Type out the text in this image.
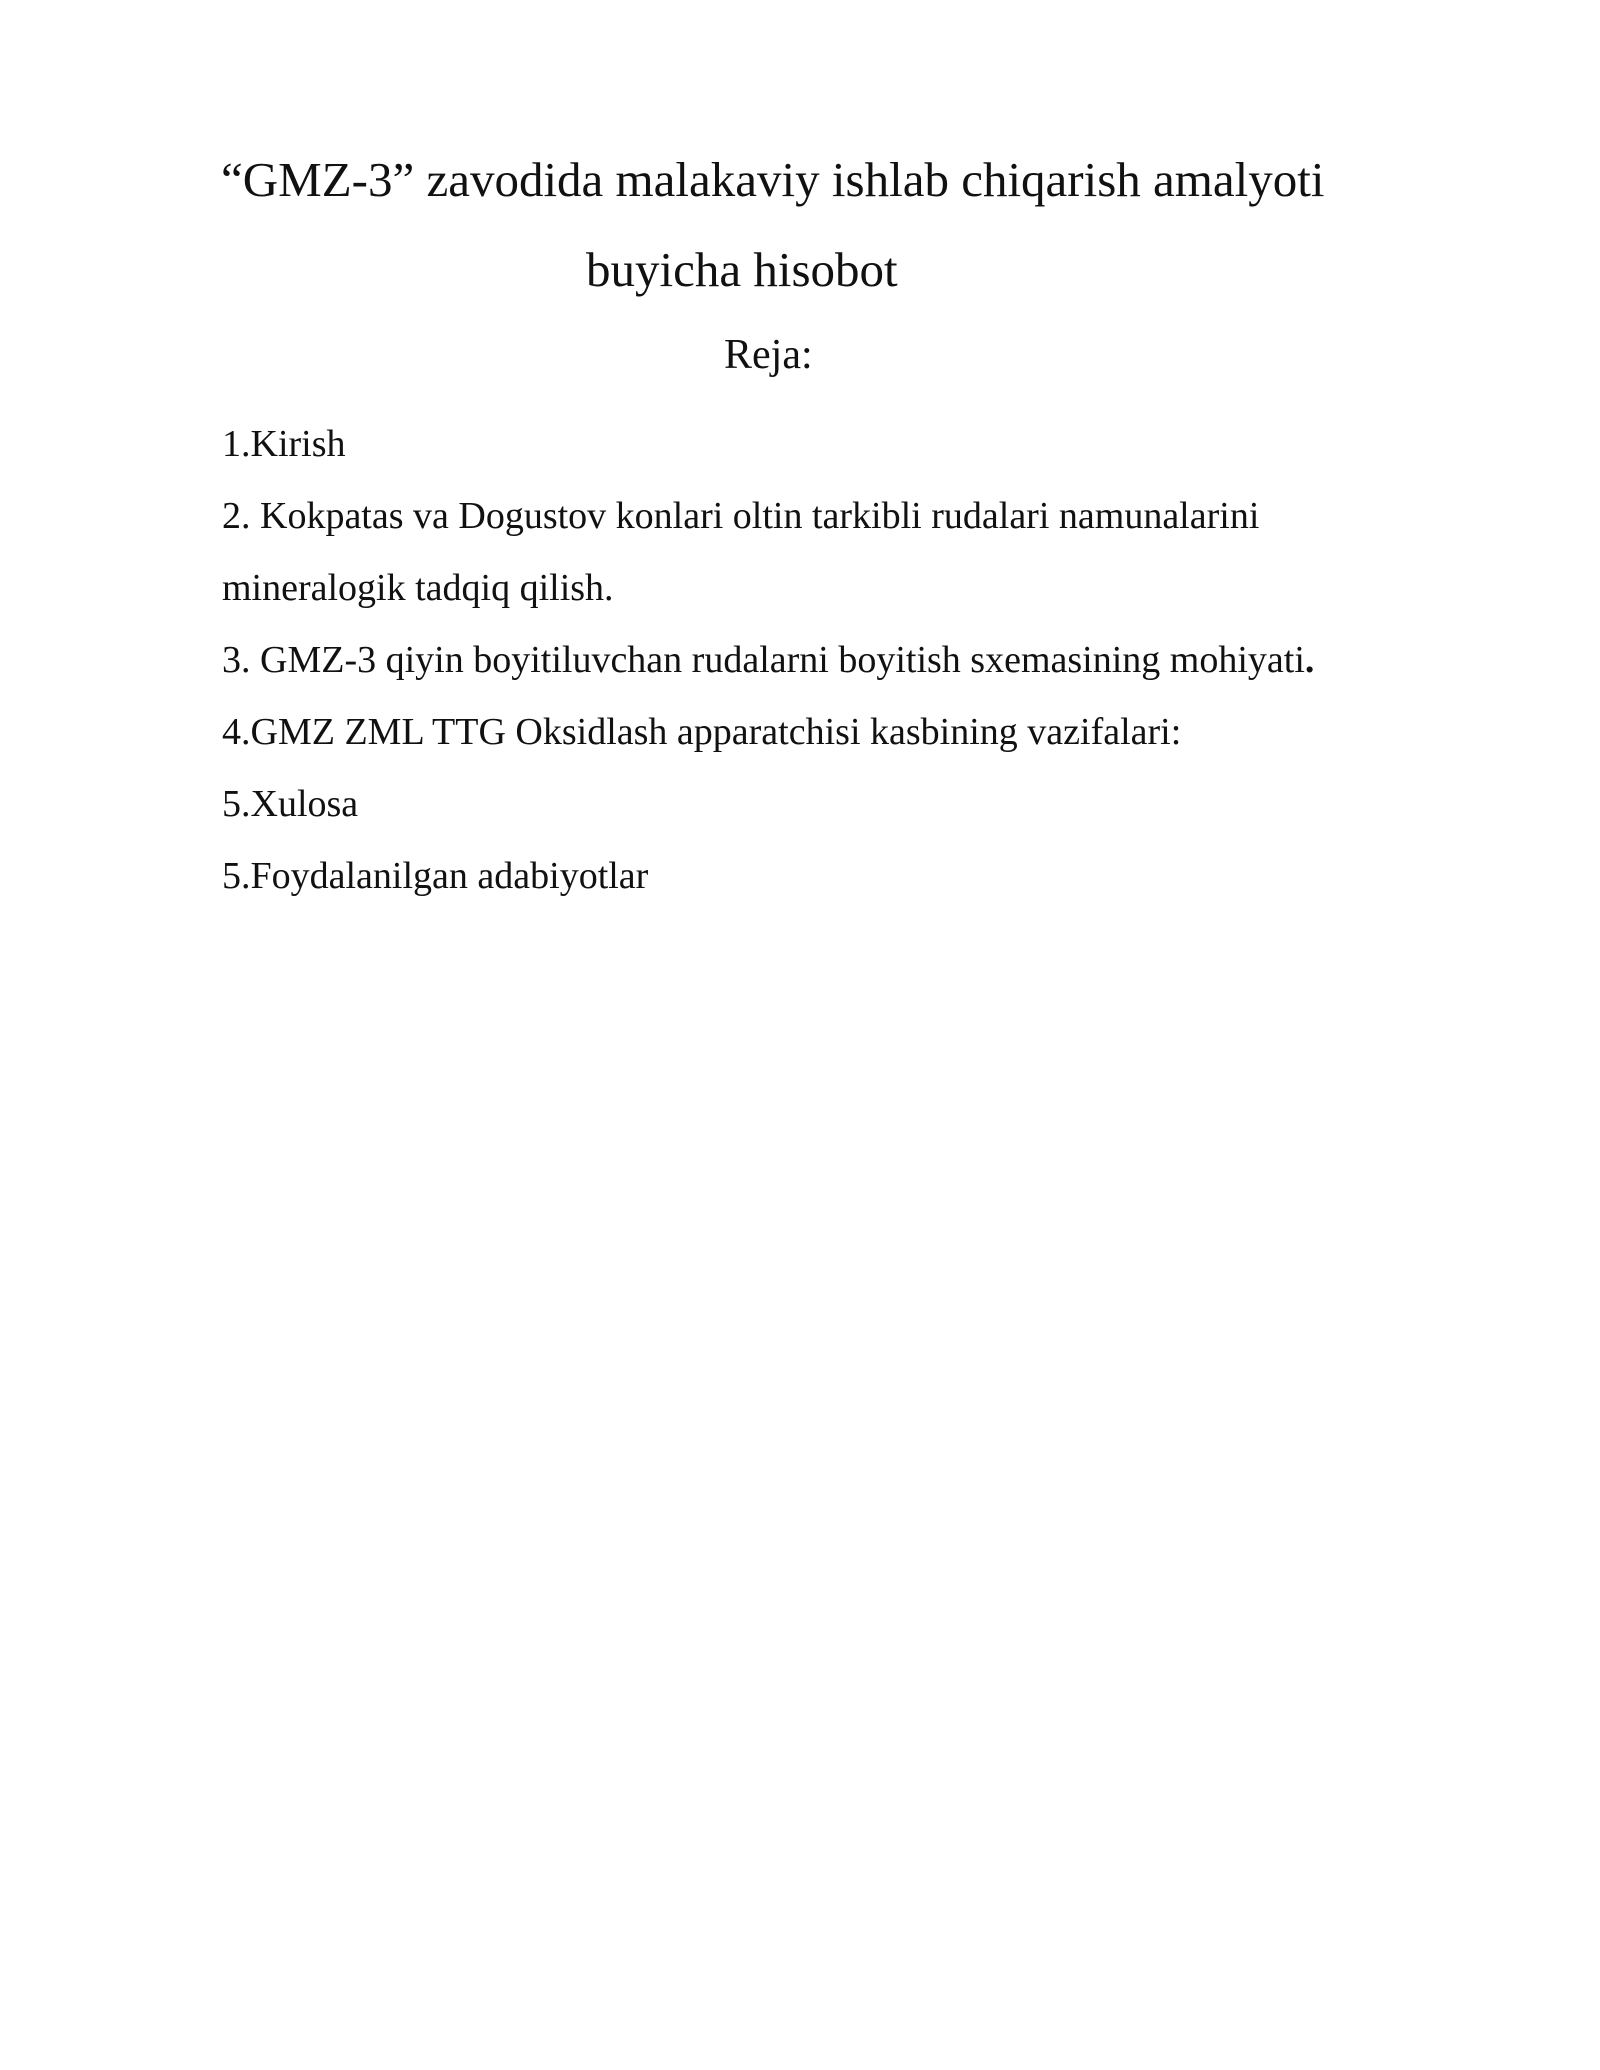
“GMZ-3” zavodida malakaviy ishlab chiqarish amalyoti
buyicha hisobot
Reja:
1.Kirish
2. Kokpatas va Dogustov konlari oltin tarkibli rudalari namunalarini
mineralogik tadqiq qilish.
3. GMZ-3 qiyin boyitiluvchan rudalarni boyitish sxemasining mohiyati.
4.GMZ ZML TTG Oksidlash apparatchisi kasbining vazifalari:
5.Xulosa
5.Foydalanilgan adabiyotlar
